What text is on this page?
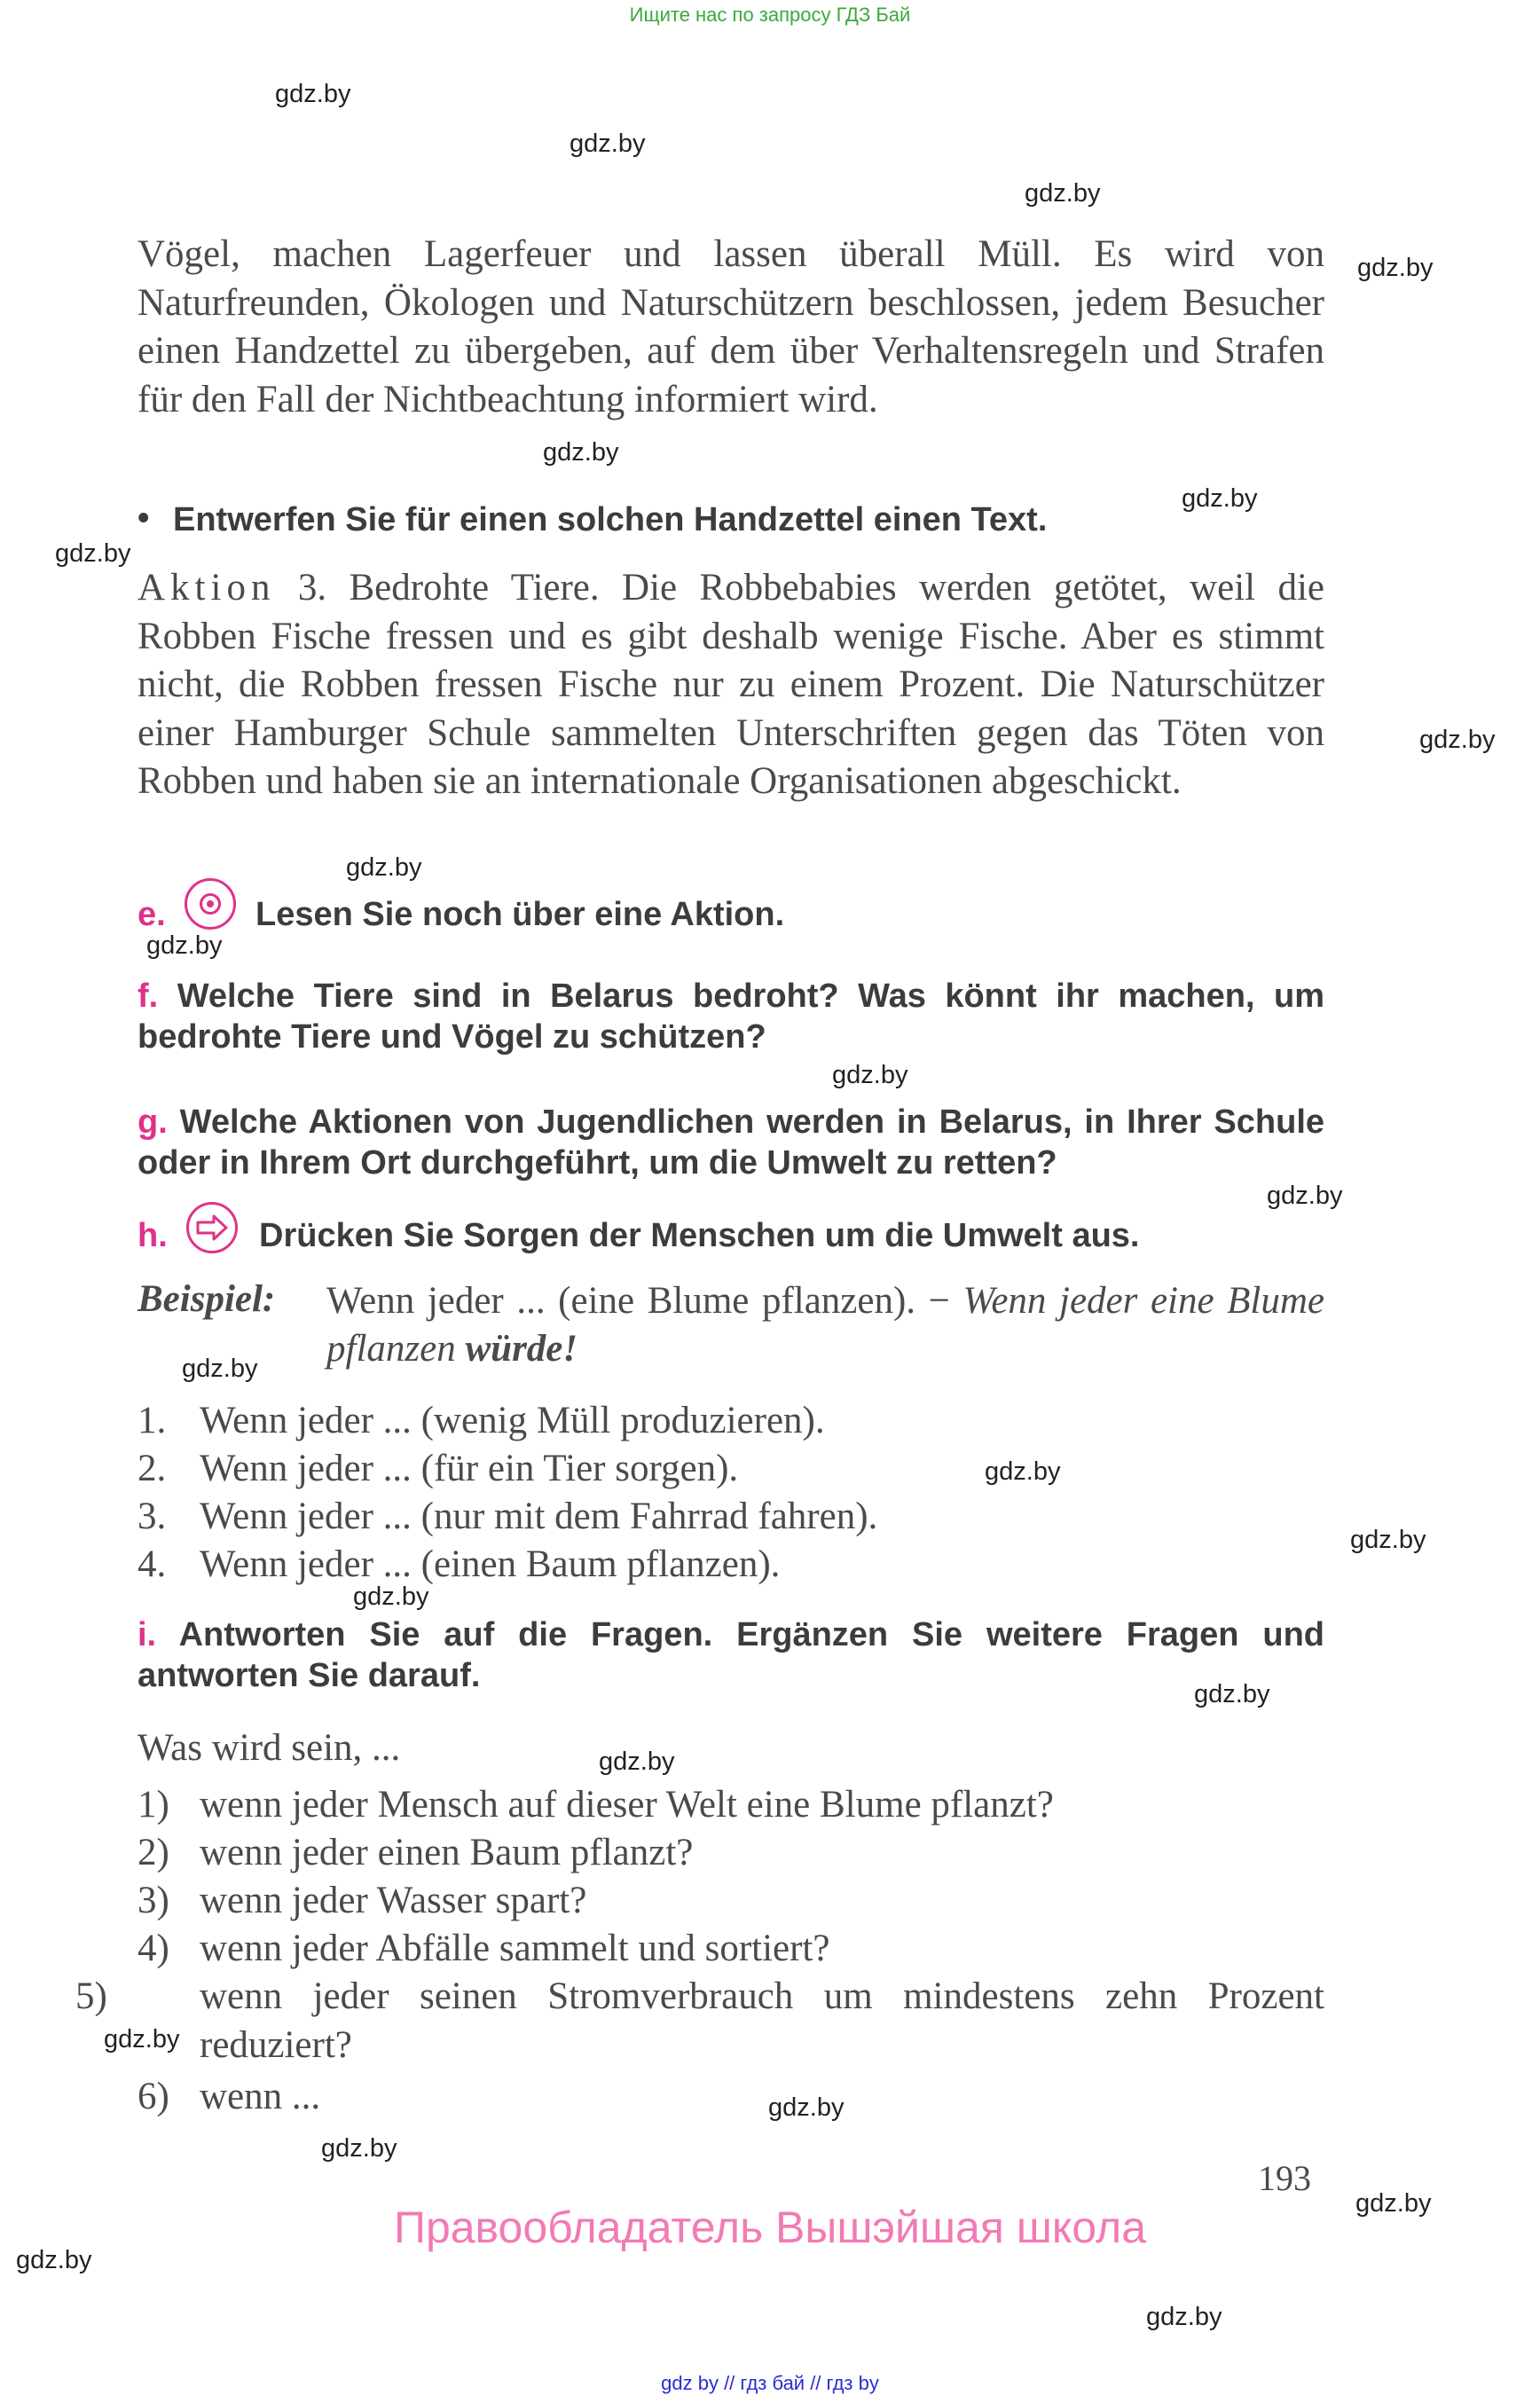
Ищите нас по запросу ГДЗ Бай
gdz.by
gdz.by
gdz.by
gdz.by
gdz.by
gdz.by
gdz.by
gdz.by
gdz.by
gdz.by
gdz.by
gdz.by
gdz.by
gdz.by
gdz.by
gdz.by
gdz.by
gdz.by
gdz.by
gdz.by
gdz.by
gdz.by
gdz.by
gdz.by

Vögel, machen Lagerfeuer und lassen überall Müll. Es wird von Naturfreunden, Ökologen und Naturschützern beschlossen, jedem Besucher einen Handzettel zu übergeben, auf dem über Verhaltensregeln und Strafen für den Fall der Nichtbeachtung informiert wird.

• Entwerfen Sie für einen solchen Handzettel einen Text.

Aktion 3. Bedrohte Tiere. Die Robbebabies werden getötet, weil die Robben Fische fressen und es gibt deshalb wenige Fische. Aber es stimmt nicht, die Robben fressen Fische nur zu einem Prozent. Die Naturschützer einer Hamburger Schule sammelten Unterschriften gegen das Töten von Robben und haben sie an internationale Organisationen abgeschickt.

e.	Lesen Sie noch über eine Aktion.

f. Welche Tiere sind in Belarus bedroht? Was könnt ihr machen, um bedrohte Tiere und Vögel zu schützen?

g. Welche Aktionen von Jugendlichen werden in Belarus, in Ihrer Schule oder in Ihrem Ort durchgeführt, um die Umwelt zu retten?

h.	Drücken Sie Sorgen der Menschen um die Umwelt aus.

Beispiel: Wenn jeder ... (eine Blume pflanzen). − Wenn jeder eine Blume pflanzen würde!

1. Wenn jeder ... (wenig Müll produzieren).
2. Wenn jeder ... (für ein Tier sorgen).
3. Wenn jeder ... (nur mit dem Fahrrad fahren).
4. Wenn jeder ... (einen Baum pflanzen).

i. Antworten Sie auf die Fragen. Ergänzen Sie weitere Fragen und antworten Sie darauf.

Was wird sein, ...
1) wenn jeder Mensch auf dieser Welt eine Blume pflanzt?
2) wenn jeder einen Baum pflanzt?
3) wenn jeder Wasser spart?
4) wenn jeder Abfälle sammelt und sortiert?
5) wenn jeder seinen Stromverbrauch um mindestens zehn Prozent reduziert?
6) wenn ...
193
Правообладатель Вышэйшая школа
gdz by // гдз бай // гдз by
